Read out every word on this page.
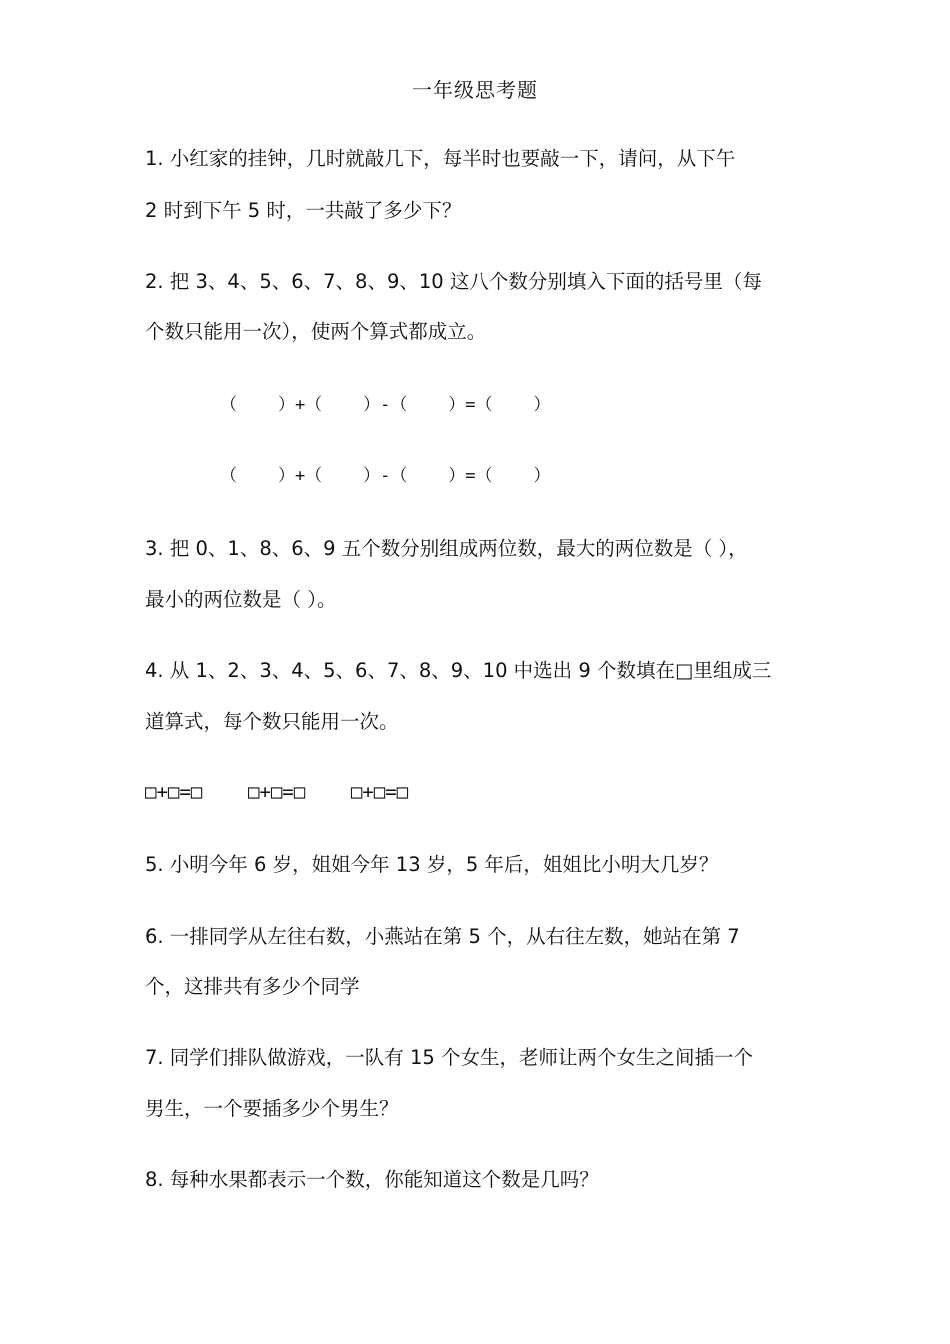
一年级思考题
1. 小红家的挂钟，几时就敲几下，每半时也要敲一下，请问，从下午
2 时到下午 5 时，一共敲了多少下？
2. 把 3、4、5、6、7、8、9、10 这八个数分别填入下面的括号里（每
个数只能用一次），使两个算式都成立。
（    ）+（    ）-（    ）=（    ）
（    ）+（    ）-（    ）=（    ）
3. 把 0、1、8、6、9 五个数分别组成两位数，最大的两位数是（ ），
最小的两位数是（ ）。
4. 从 1、2、3、4、5、6、7、8、9、10 中选出 9 个数填在□里组成三
道算式，每个数只能用一次。
□+□=□    □+□=□    □+□=□
5. 小明今年 6 岁，姐姐今年 13 岁，5 年后，姐姐比小明大几岁？
6. 一排同学从左往右数，小燕站在第 5 个，从右往左数，她站在第 7
个，这排共有多少个同学
7. 同学们排队做游戏，一队有 15 个女生，老师让两个女生之间插一个
男生，一个要插多少个男生？
8. 每种水果都表示一个数，你能知道这个数是几吗？
